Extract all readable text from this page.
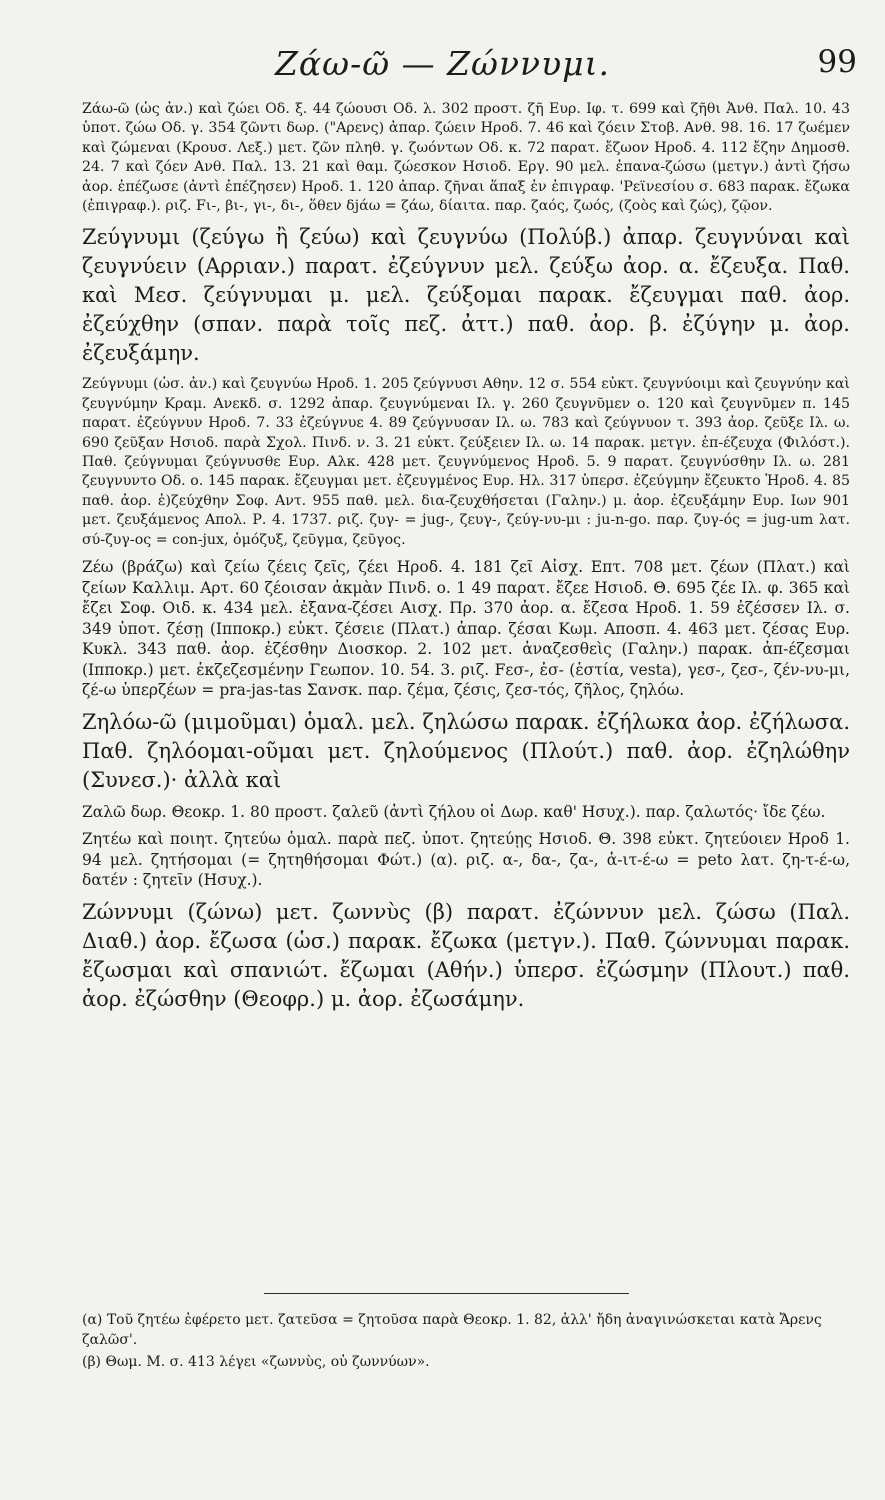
Ζάω-ῶ — Ζώννυμι.	99

Ζάω-ῶ (ὡς ἀν.) καὶ ζώει Οδ. ξ. 44 ζώουσι Οδ. λ. 302 προστ. ζῆ Ευρ. Ιφ. τ. 699 καὶ ζῆθι Ἀνθ. Παλ. 10. 43 ὑποτ. ζώω Οδ. γ. 354 ζῶντι δωρ. ("Αρενς) ἀπαρ. ζώειν Ηροδ. 7. 46 καὶ ζόειν Στοβ. Ανθ. 98. 16. 17 ζωέμεν καὶ ζώμεναι (Κρουσ. Λεξ.) μετ. ζῶν πληθ. γ. ζωόντων Οδ. κ. 72 παρατ. ἔζωον Ηροδ. 4. 112 ἔζην Δημοσθ. 24. 7 καὶ ζόεν Ανθ. Παλ. 13. 21 καὶ θαμ. ζώεσκον Ησιοδ. Εργ. 90 μελ. ἐπανα-ζώσω (μετγν.) ἀντὶ ζήσω ἀορ. ἐπέζωσε (ἀντὶ ἐπέζησεν) Ηροδ. 1. 120 ἀπαρ. ζῆναι ἅπαξ ἐν ἐπιγραφ. 'Ρεϊνεσίου σ. 683 παρακ. ἔζωκα (ἐπιγραφ.). ριζ. Fι-, βι-, γι-, δι-, ὅθεν δjάω = ζάω, δίαιτα. παρ. ζαός, ζωός, (ζοὸς καὶ ζώς), ζῷον.

Ζεύγνυμι (ζεύγω ἢ ζεύω) καὶ ζευγνύω (Πολύβ.) ἀπαρ. ζευγνύναι καὶ ζευγνύειν (Αρριαν.) παρατ. ἐζεύγνυν μελ. ζεύξω ἀορ. α. ἔζευξα. Παθ. καὶ Μεσ. ζεύγνυμαι μ. μελ. ζεύξομαι παρακ. ἔζευγμαι παθ. ἀορ. ἐζεύχθην (σπαν. παρὰ τοῖς πεζ. ἀττ.) παθ. ἀορ. β. ἐζύγην μ. ἀορ. ἐζευξάμην.

Ζεύγνυμι (ὡσ. ἀν.) καὶ ζευγνύω Ηροδ. 1. 205 ζεύγνυσι Αθην. 12 σ. 554 εὐκτ. ζευγνύοιμι καὶ ζευγνύην καὶ ζευγνύμην Κραμ. Ανεκδ. σ. 1292 ἀπαρ. ζευγνύμεναι Ιλ. γ. 260 ζευγνῦμεν ο. 120 καὶ ζευγνῦμεν π. 145 παρατ. ἐζεύγνυν Ηροδ. 7. 33 ἐζεύγνυε 4. 89 ζεύγνυσαν Ιλ. ω. 783 καὶ ζεύγνυον τ. 393 ἀορ. ζεῦξε Ιλ. ω. 690 ζεῦξαν Ησιοδ. παρὰ Σχολ. Πινδ. ν. 3. 21 εὐκτ. ζεύξειεν Ιλ. ω. 14 παρακ. μετγν. ἐπ-έζευχα (Φιλόστ.). Παθ. ζεύγνυμαι ζεύγνυσθε Ευρ. Αλκ. 428 μετ. ζευγνύμενος Ηροδ. 5. 9 παρατ. ζευγνύσθην Ιλ. ω. 281 ζευγνυντο Οδ. ο. 145 παρακ. ἔζευγμαι μετ. ἐζευγμένος Ευρ. Ηλ. 317 ὑπερσ. ἐζεύγμην ἔζευκτο Ἡροδ. 4. 85 παθ. ἀορ. ἐ)ζεύχθην Σοφ. Αντ. 955 παθ. μελ. δια-ζευχθήσεται (Γαλην.) μ. ἀορ. ἐζευξάμην Ευρ. Ιων 901 μετ. ζευξάμενος Απολ. Ρ. 4. 1737. ριζ. ζυγ- = jug-, ζευγ-, ζεύγ-νυ-μι : ju-n-go. παρ. ζυγ-ός = jug-um λατ. σύ-ζυγ-ος = con-jux, ὁμόζυξ, ζεῦγμα, ζεῦγος.

Ζέω (βράζω) καὶ ζείω ζέεις ζεῖς, ζέει Ηροδ. 4. 181 ζεῖ Αἰσχ. Επτ. 708 μετ. ζέων (Πλατ.) καὶ ζείων Καλλιμ. Αρτ. 60 ζέοισαν ἀκμὰν Πινδ. ο. 1 49 παρατ. ἔζεε Ησιοδ. Θ. 695 ζέε Ιλ. φ. 365 καὶ ἔζει Σοφ. Οιδ. κ. 434 μελ. ἐξανα-ζέσει Αισχ. Πρ. 370 ἀορ. α. ἔζεσα Ηροδ. 1. 59 ἐζέσσεν Ιλ. σ. 349 ὑποτ. ζέσῃ (Ιπποκρ.) εὐκτ. ζέσειε (Πλατ.) ἀπαρ. ζέσαι Κωμ. Αποσπ. 4. 463 μετ. ζέσας Ευρ. Κυκλ. 343 παθ. ἀορ. ἐζέσθην Διοσκορ. 2. 102 μετ. ἀναζεσθεὶς (Γαλην.) παρακ. ἀπ-έζεσμαι (Ιπποκρ.) μετ. ἐκζεζεσμένην Γεωπον. 10. 54. 3. ριζ. Fεσ-, ἐσ- (ἑστία, vesta), γεσ-, ζεσ-, ζέν-νυ-μι, ζέ-ω ὑπερζέων = pra-jas-tas Σανσκ. παρ. ζέμα, ζέσις, ζεσ-τός, ζῆλος, ζηλόω.

Ζηλόω-ῶ (μιμοῦμαι) ὁμαλ. μελ. ζηλώσω παρακ. ἐζήλωκα ἀορ. ἐζήλωσα. Παθ. ζηλόομαι-οῦμαι μετ. ζηλούμενος (Πλούτ.) παθ. ἀορ. ἐζηλώθην (Συνεσ.)· ἀλλὰ καὶ

Ζαλῶ δωρ. Θεοκρ. 1. 80 προστ. ζαλεῦ (ἀντὶ ζήλου οἱ Δωρ. καθ' Ησυχ.). παρ. ζαλωτός· ἴδε ζέω.

Ζητέω καὶ ποιητ. ζητεύω ὁμαλ. παρὰ πεζ. ὑποτ. ζητεύῃς Ησιοδ. Θ. 398 εὐκτ. ζητεύοιεν Ηροδ 1. 94 μελ. ζητήσομαι (= ζητηθήσομαι Φώτ.) (α). ριζ. α-, δα-, ζα-, ἀ-ιτ-έ-ω = peto λατ. ζη-τ-έ-ω, δατέν : ζητεῖν (Ησυχ.).

Ζώννυμι (ζώνω) μετ. ζωννὺς (β) παρατ. ἐζώννυν μελ. ζώσω (Παλ. Διαθ.) ἀορ. ἔζωσα (ὡσ.) παρακ. ἔζωκα (μετγν.). Παθ. ζώννυμαι παρακ. ἔζωσμαι καὶ σπανιώτ. ἔζωμαι (Αθήν.) ὑπερσ. ἐζώσμην (Πλουτ.) παθ. ἀορ. ἐζώσθην (Θεοφρ.) μ. ἀορ. ἐζωσάμην.

(α) Τοῦ ζητέω ἐφέρετο μετ. ζατεῦσα = ζητοῦσα παρὰ Θεοκρ. 1. 82, ἀλλ' ἤδη ἀναγινώσκεται κατὰ Ἄρενς ζαλῶσ'.

(β) Θωμ. Μ. σ. 413 λέγει «ζωννὺς, οὐ ζωννύων».
